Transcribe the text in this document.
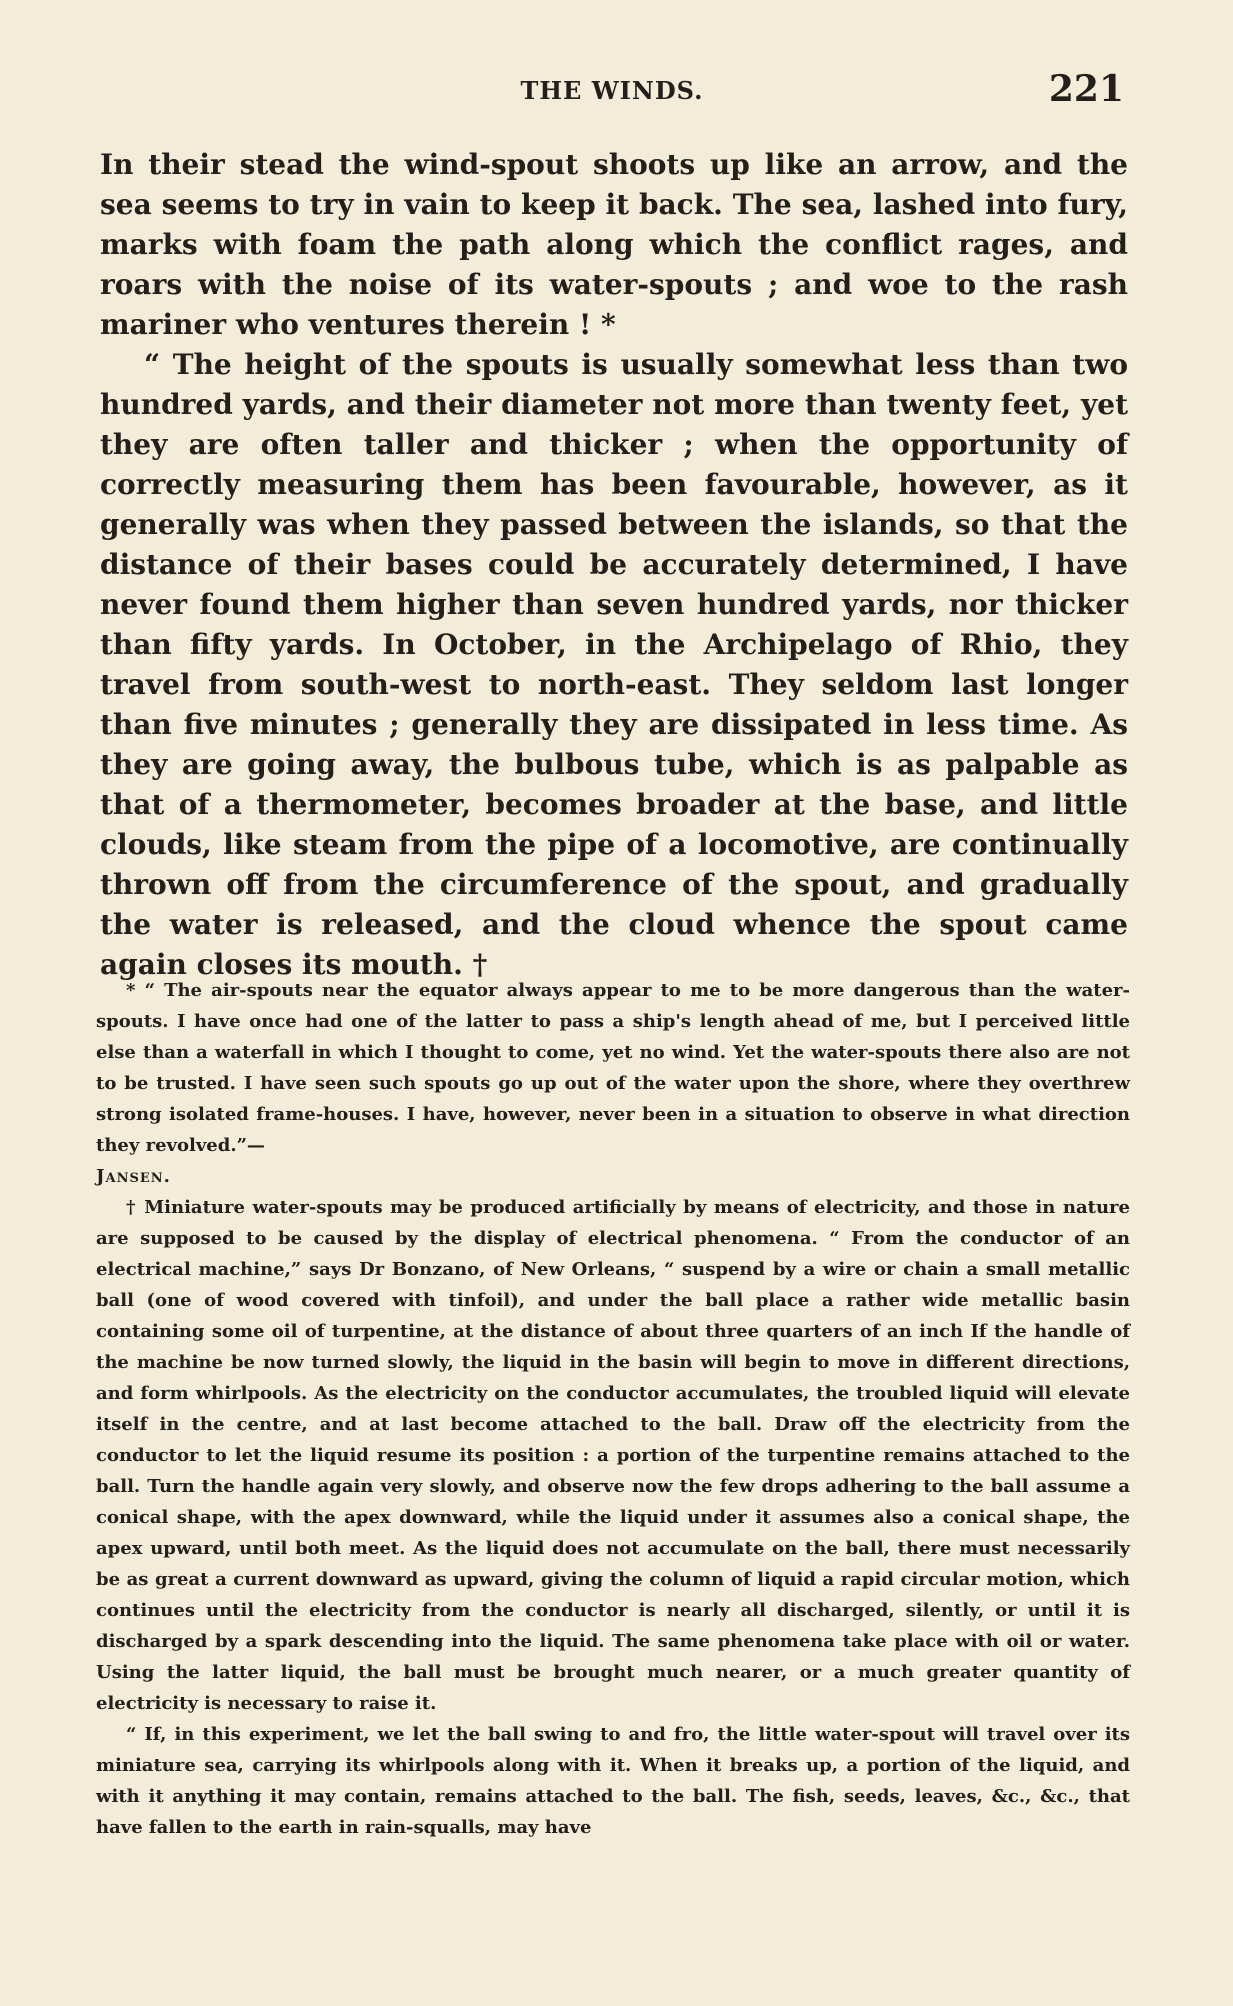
THE WINDS.	221

In their stead the wind-spout shoots up like an arrow, and the sea seems to try in vain to keep it back. The sea, lashed into fury, marks with foam the path along which the conflict rages, and roars with the noise of its water-spouts ; and woe to the rash mariner who ventures therein ! *

“ The height of the spouts is usually somewhat less than two hundred yards, and their diameter not more than twenty feet, yet they are often taller and thicker ; when the opportunity of correctly measuring them has been favourable, however, as it generally was when they passed between the islands, so that the distance of their bases could be accurately determined, I have never found them higher than seven hundred yards, nor thicker than fifty yards. In October, in the Archipelago of Rhio, they travel from south-west to north-east. They seldom last longer than five minutes ; generally they are dissipated in less time. As they are going away, the bulbous tube, which is as palpable as that of a thermometer, becomes broader at the base, and little clouds, like steam from the pipe of a locomotive, are continually thrown off from the circumference of the spout, and gradually the water is released, and the cloud whence the spout came again closes its mouth. †

* “ The air-spouts near the equator always appear to me to be more dangerous than the water-spouts. I have once had one of the latter to pass a ship's length ahead of me, but I perceived little else than a waterfall in which I thought to come, yet no wind. Yet the water-spouts there also are not to be trusted. I have seen such spouts go up out of the water upon the shore, where they overthrew strong isolated frame-houses. I have, however, never been in a situation to observe in what direction they revolved.”—
Jansen.

† Miniature water-spouts may be produced artificially by means of electricity, and those in nature are supposed to be caused by the display of electrical phenomena. “ From the conductor of an electrical machine,” says Dr Bonzano, of New Orleans, “ suspend by a wire or chain a small metallic ball (one of wood covered with tinfoil), and under the ball place a rather wide metallic basin containing some oil of turpentine, at the distance of about three quarters of an inch If the handle of the machine be now turned slowly, the liquid in the basin will begin to move in different directions, and form whirlpools. As the electricity on the conductor accumulates, the troubled liquid will elevate itself in the centre, and at last become attached to the ball. Draw off the electricity from the conductor to let the liquid resume its position : a portion of the turpentine remains attached to the ball. Turn the handle again very slowly, and observe now the few drops adhering to the ball assume a conical shape, with the apex downward, while the liquid under it assumes also a conical shape, the apex upward, until both meet. As the liquid does not accumulate on the ball, there must necessarily be as great a current downward as upward, giving the column of liquid a rapid circular motion, which continues until the electricity from the conductor is nearly all discharged, silently, or until it is discharged by a spark descending into the liquid. The same phenomena take place with oil or water. Using the latter liquid, the ball must be brought much nearer, or a much greater quantity of electricity is necessary to raise it.

“ If, in this experiment, we let the ball swing to and fro, the little water-spout will travel over its miniature sea, carrying its whirlpools along with it. When it breaks up, a portion of the liquid, and with it anything it may contain, remains attached to the ball. The fish, seeds, leaves, &c., &c., that have fallen to the earth in rain-squalls, may have
